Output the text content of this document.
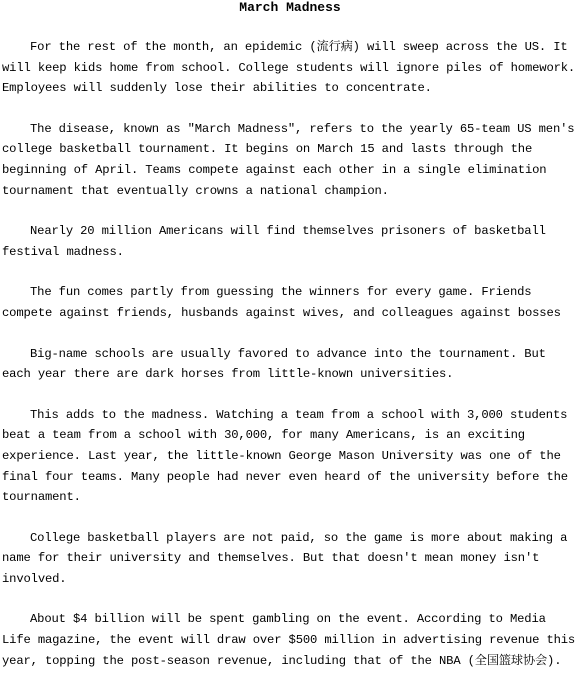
March Madness

For the rest of the month, an epidemic (流行病) will sweep across the US. It will keep kids home from school. College students will ignore piles of homework. Employees will suddenly lose their abilities to concentrate.

The disease, known as "March Madness", refers to the yearly 65-team US men's college basketball tournament. It begins on March 15 and lasts through the beginning of April. Teams compete against each other in a single elimination tournament that eventually crowns a national champion.

Nearly 20 million Americans will find themselves prisoners of basketball festival madness.

The fun comes partly from guessing the winners for every game. Friends compete against friends, husbands against wives, and colleagues against bosses

Big-name schools are usually favored to advance into the tournament. But each year there are dark horses from little-known universities.

This adds to the madness. Watching a team from a school with 3,000 students beat a team from a school with 30,000, for many Americans, is an exciting experience. Last year, the little-known George Mason University was one of the final four teams. Many people had never even heard of the university before the tournament.

College basketball players are not paid, so the game is more about making a name for their university and themselves. But that doesn't mean money isn't involved.

About $4 billion will be spent gambling on the event. According to Media Life magazine, the event will draw over $500 million in advertising revenue this year, topping the post-season revenue, including that of the NBA (全国篮球协会).
